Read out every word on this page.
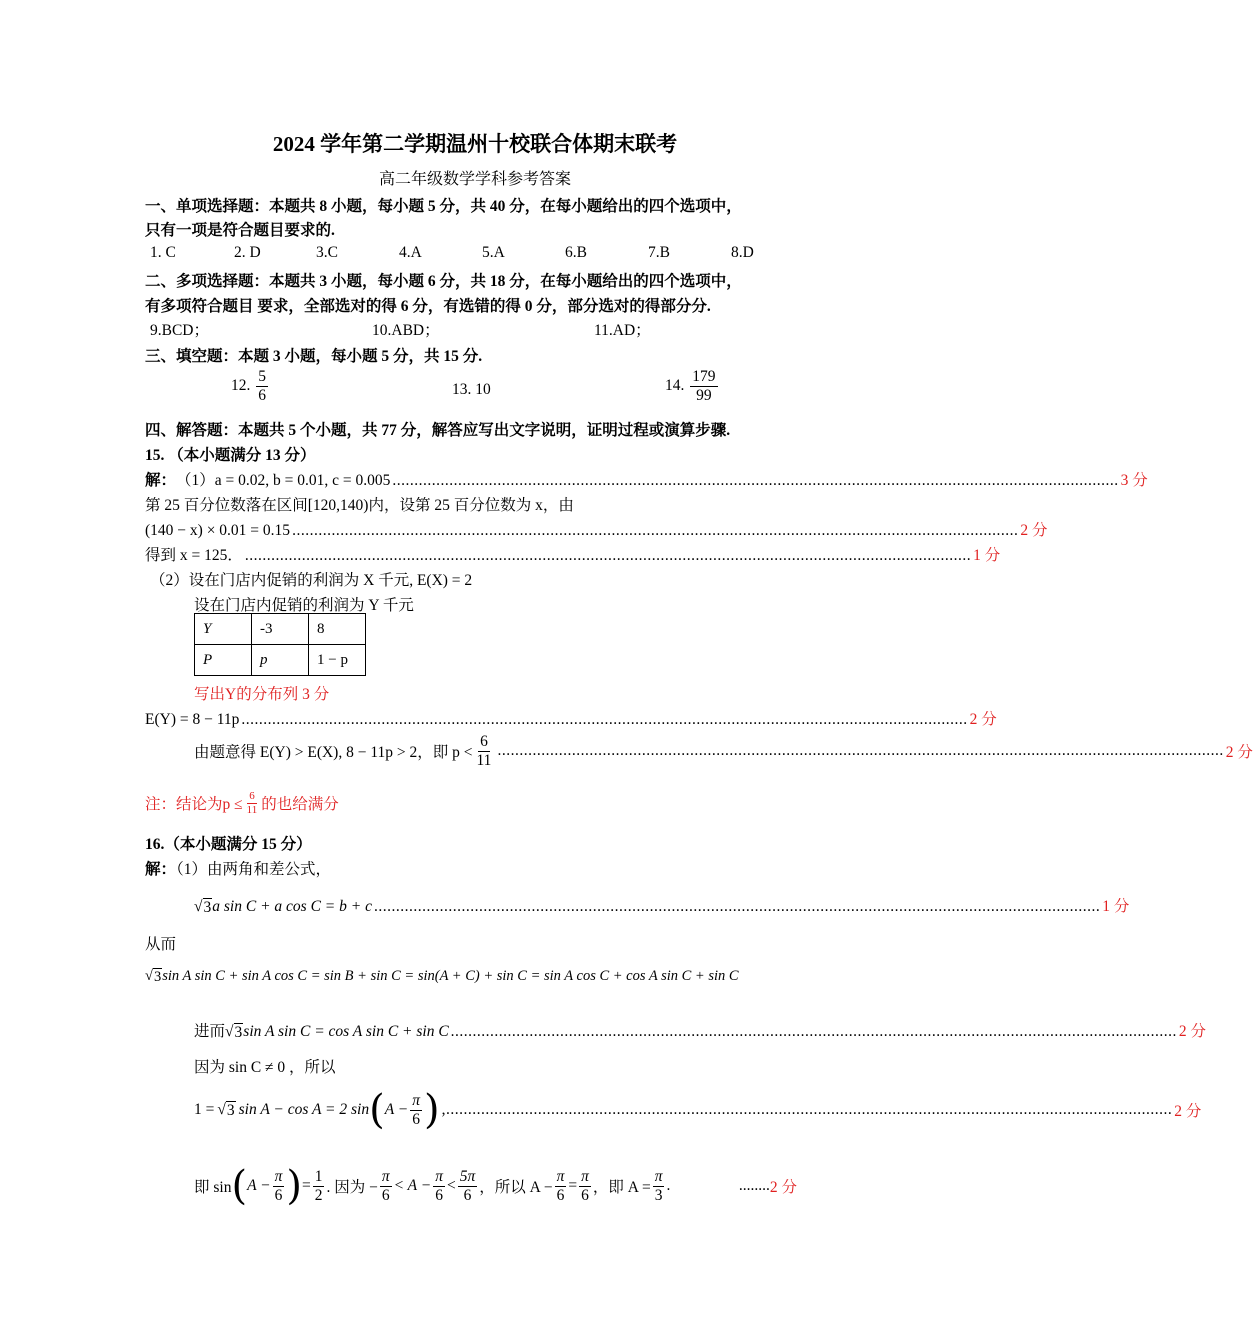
2024 学年第二学期温州十校联合体期末联考
高二年级数学学科参考答案
一、单项选择题：本题共 8 小题，每小题 5 分，共 40 分，在每小题给出的四个选项中，
只有一项是符合题目要求的.
1. C	2. D	3.C	4.A	5.A	6.B	7.B	8.D
二、多项选择题：本题共 3 小题，每小题 6 分，共 18 分，在每小题给出的四个选项中，
有多项符合题目 要求，全部选对的得 6 分，有选错的得 0 分，部分选对的得部分分.
9.BCD；	10.ABD；	11.AD；
三、填空题：本题 3 小题，每小题 5 分，共 15 分.
12. $\frac{5}{6}$	13. 10	14. $\frac{179}{99}$
四、解答题：本题共 5 个小题，共 77 分，解答应写出文字说明，证明过程或演算步骤.
15. （本小题满分 13 分）
解： （1）a = 0.02, b = 0.01, c = 0.005 ...................................................................................................................................................................... 3 分
第 25 百分位数落在区间[120,140)内，设第 25 百分位数为 x，由
(140 − x) × 0.01 = 0.15 ...................................................................................................................................................................... 2 分
得到 x = 125． ...................................................................................................................................................................... 1 分
（2）设在门店内促销的利润为 X 千元, E(X) = 2
设在门店内促销的利润为 Y 千元
Y	-3	8
P	p	1 − p
写出Y的分布列 3 分
E(Y) = 8 − 11p ...................................................................................................................................................................... 2 分
由题意得 E(Y) > E(X), 8 − 11p > 2，即 $p < \frac{6}{11}$ ...................................................................................................................................................................... 2 分
注：结论为$p \le \frac{6}{11}$ 的也给满分
16.（本小题满分 15 分）
解：（1）由两角和差公式，
√ 3 a sin C + a cos C = b + c ...................................................................................................................................................................... 1 分
从而
√ 3 sin A sin C + sin A cos C = sin B + sin C = sin(A + C) + sin C = sin A cos C + cos A sin C + sin C
进而 √ 3 sin A sin C = cos A sin C + sin C ...................................................................................................................................................................... 2 分
因为 sin C ≠ 0 ，所以
1 = √ 3 sin A − cos A = 2 sin ( $A - \frac{\pi}{6}$ ) ,...................................................................................................................................................................... 2 分
即 sin ( $A - \frac{\pi}{6}$ ) = $\frac{1}{2}$ . 因为 − $\frac{\pi}{6} < A - \frac{\pi}{6} < \frac{5\pi}{6}$ ，所以 $A - \frac{\pi}{6} = \frac{\pi}{6}$ ，即 $A = \frac{\pi}{3}$ .	........ 2 分
